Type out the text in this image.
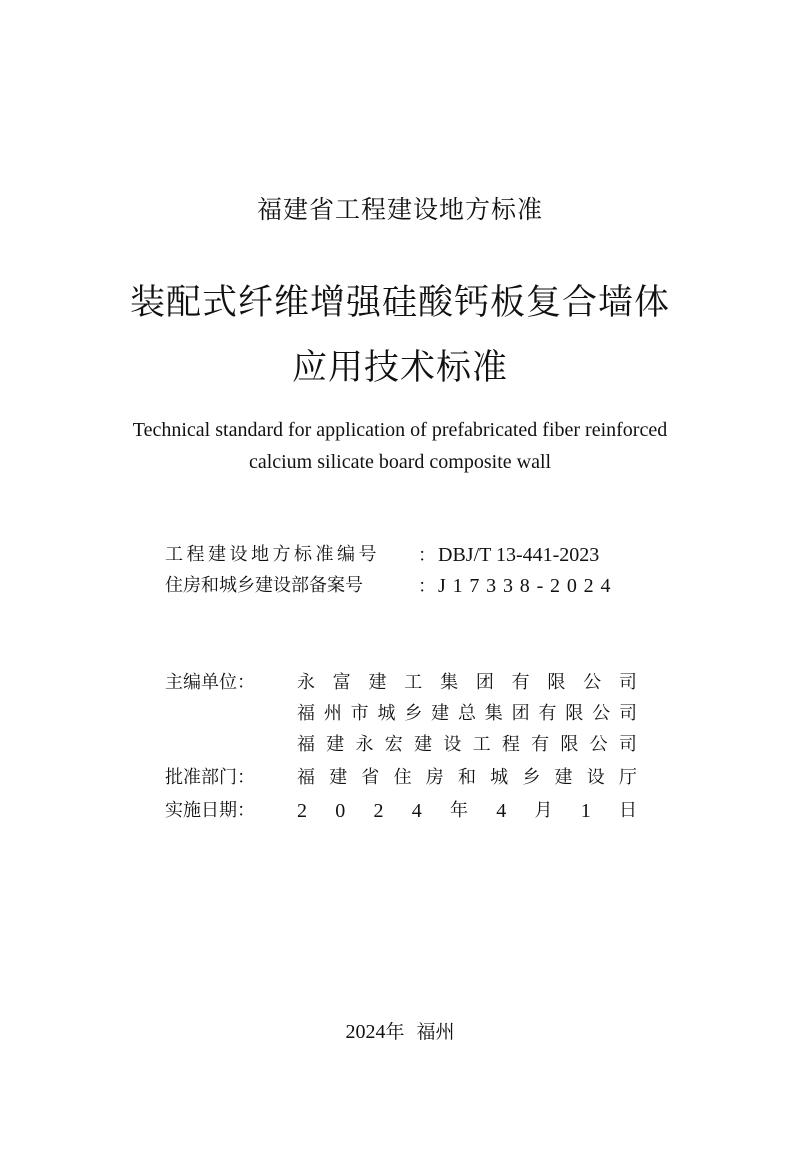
福建省工程建设地方标准
装配式纤维增强硅酸钙板复合墙体
应用技术标准
Technical standard for application of prefabricated fiber reinforced
calcium silicate board composite wall
工程建设地方标准编号	： DBJ/T 13-441-2023
住房和城乡建设部备案号	： J17338-2024
主编单位： 永 富 建 工 集 团 有 限 公 司
福 州 市 城 乡 建 总 集 团 有 限 公 司
福 建 永 宏 建 设 工 程 有 限 公 司
批准部门： 福 建 省 住 房 和 城 乡 建 设 厅
实施日期： 2 0 2 4 年 4 月 1 日
2024年 福州
